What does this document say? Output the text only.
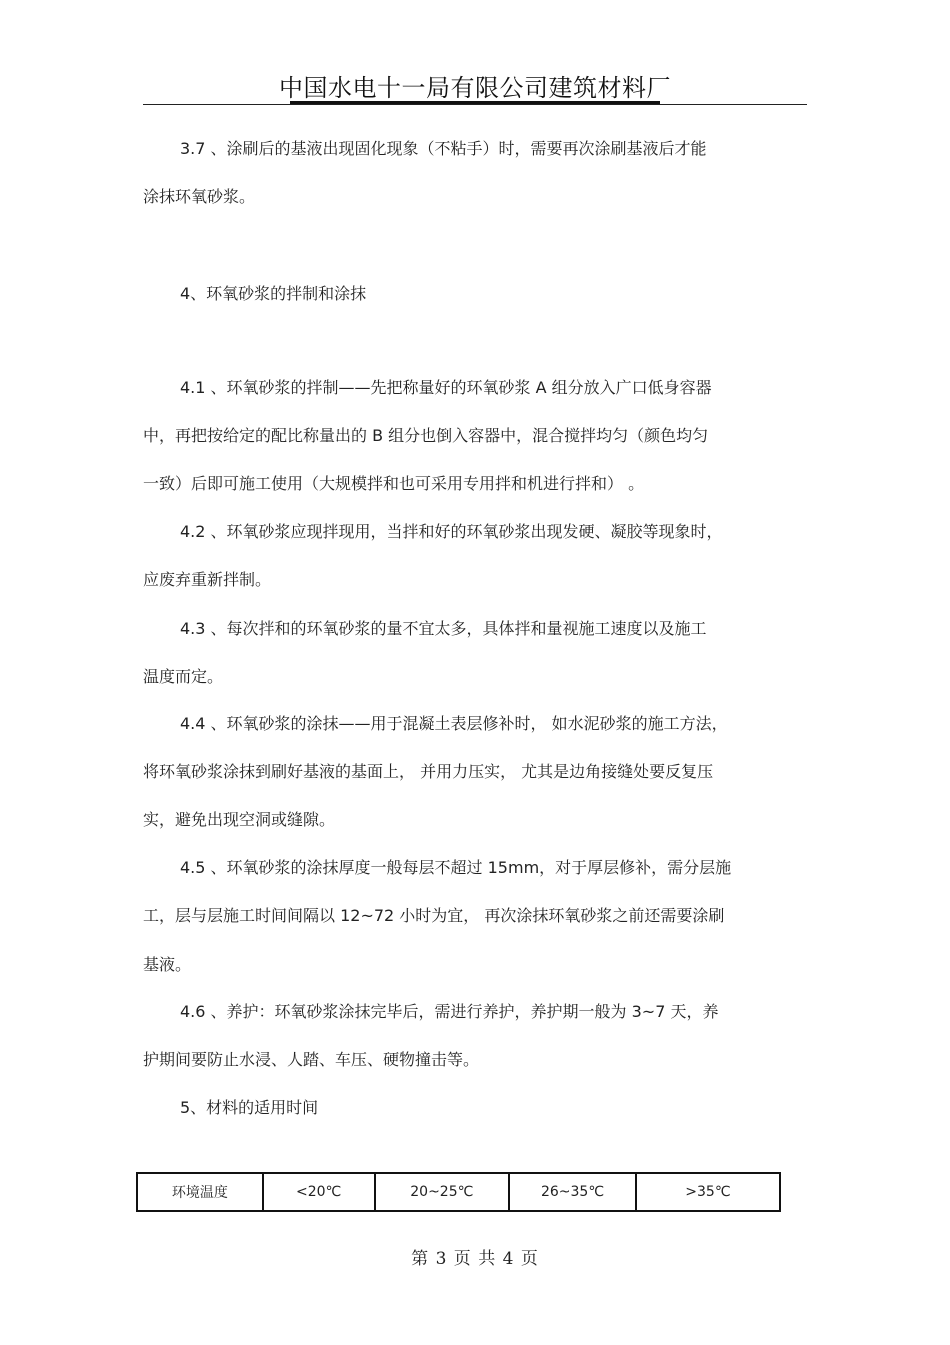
中国水电十一局有限公司建筑材料厂
3.7 、涂刷后的基液出现固化现象（不粘手）时，需要再次涂刷基液后才能
涂抹环氧砂浆。
4、环氧砂浆的拌制和涂抹
4.1 、环氧砂浆的拌制——先把称量好的环氧砂浆 A 组分放入广口低身容器
中，再把按给定的配比称量出的 B 组分也倒入容器中，混合搅拌均匀（颜色均匀
一致）后即可施工使用（大规模拌和也可采用专用拌和机进行拌和） 。
4.2 、环氧砂浆应现拌现用，当拌和好的环氧砂浆出现发硬、凝胶等现象时，
应废弃重新拌制。
4.3 、每次拌和的环氧砂浆的量不宜太多，具体拌和量视施工速度以及施工
温度而定。
4.4 、环氧砂浆的涂抹——用于混凝土表层修补时， 如水泥砂浆的施工方法，
将环氧砂浆涂抹到刷好基液的基面上， 并用力压实， 尤其是边角接缝处要反复压
实，避免出现空洞或缝隙。
4.5 、环氧砂浆的涂抹厚度一般每层不超过 15mm，对于厚层修补，需分层施
工，层与层施工时间间隔以 12~72 小时为宜， 再次涂抹环氧砂浆之前还需要涂刷
基液。
4.6 、养护：环氧砂浆涂抹完毕后，需进行养护，养护期一般为 3~7 天，养
护期间要防止水浸、人踏、车压、硬物撞击等。
5、材料的适用时间
环境温度	<20℃	20~25℃	26~35℃	>35℃
第 3 页 共 4 页
